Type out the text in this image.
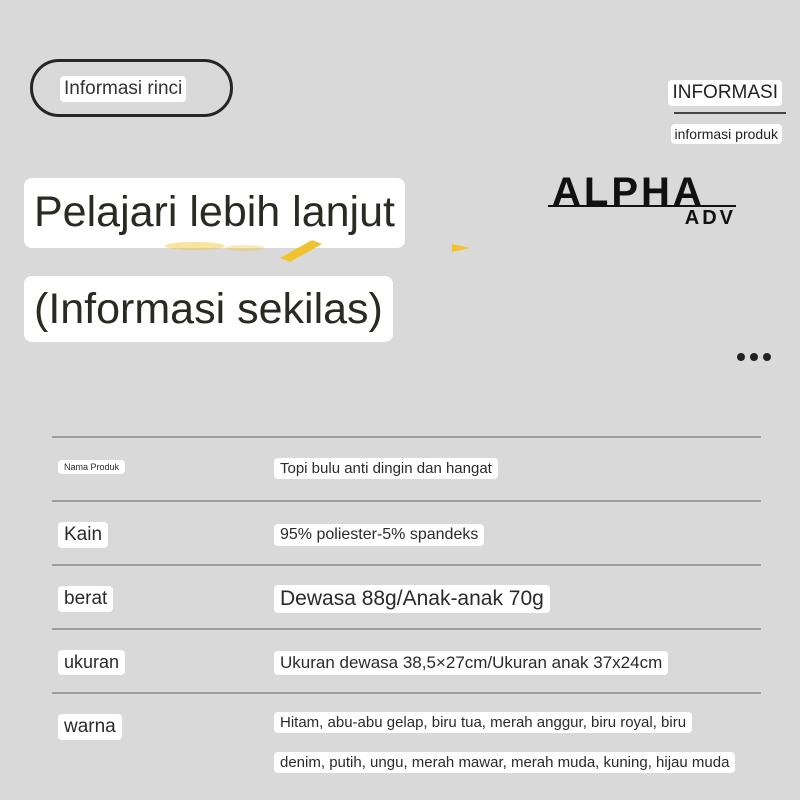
Informasi rinci	INFORMASI
informasi produk
ALPHA
ADV
Pelajari lebih lanjut
(Informasi sekilas)
Nama Produk	Topi bulu anti dingin dan hangat
Kain	95% poliester-5% spandeks
berat	Dewasa 88g/Anak-anak 70g
ukuran	Ukuran dewasa 38,5×27cm/Ukuran anak 37x24cm
warna	Hitam, abu-abu gelap, biru tua, merah anggur, biru royal, biru
denim, putih, ungu, merah mawar, merah muda, kuning, hijau muda
